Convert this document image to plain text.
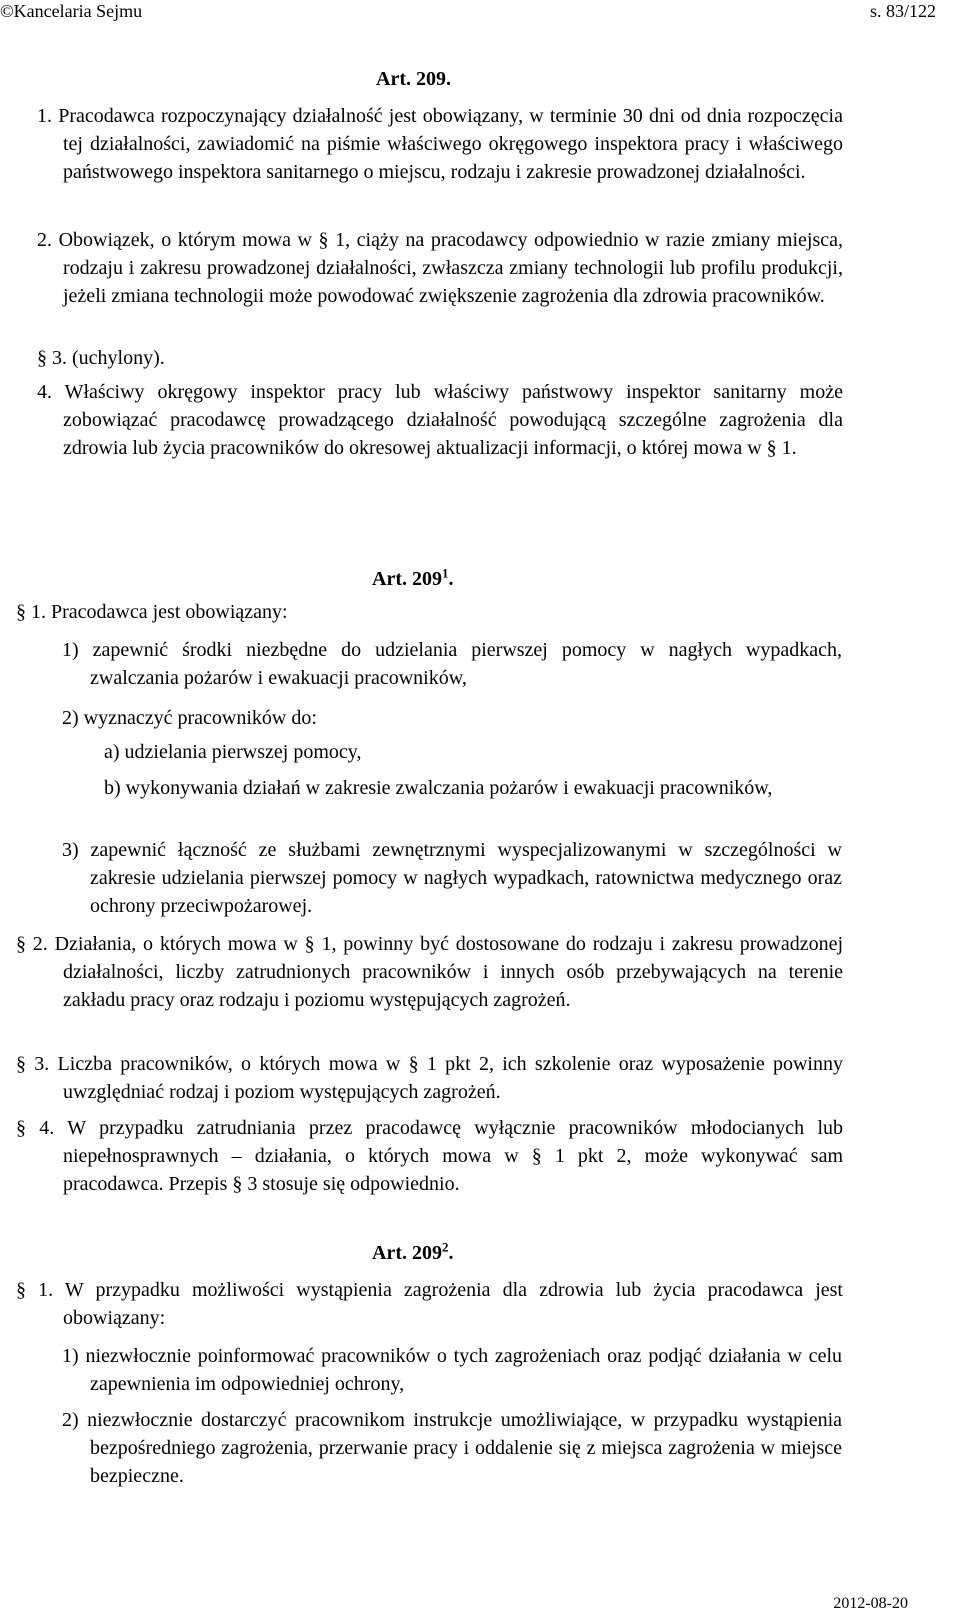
©Kancelaria Sejmu	s. 83/122
Art. 209.

1. Pracodawca rozpoczynający działalność jest obowiązany, w terminie 30 dni od dnia rozpoczęcia tej działalności, zawiadomić na piśmie właściwego okręgowego inspektora pracy i właściwego państwowego inspektora sanitarnego o miejscu, rodzaju i zakresie prowadzonej działalności.

2. Obowiązek, o którym mowa w § 1, ciąży na pracodawcy odpowiednio w razie zmiany miejsca, rodzaju i zakresu prowadzonej działalności, zwłaszcza zmiany technologii lub profilu produkcji, jeżeli zmiana technologii może powodować zwiększenie zagrożenia dla zdrowia pracowników.

§ 3. (uchylony).

4. Właściwy okręgowy inspektor pracy lub właściwy państwowy inspektor sanitarny może zobowiązać pracodawcę prowadzącego działalność powodującą szczególne zagrożenia dla zdrowia lub życia pracowników do okresowej aktualizacji informacji, o której mowa w § 1.

Art. $209^1$.

§ 1. Pracodawca jest obowiązany:

1) zapewnić środki niezbędne do udzielania pierwszej pomocy w nagłych wypadkach, zwalczania pożarów i ewakuacji pracowników,

2) wyznaczyć pracowników do:

a) udzielania pierwszej pomocy,

b) wykonywania działań w zakresie zwalczania pożarów i ewakuacji pracowników,

3) zapewnić łączność ze służbami zewnętrznymi wyspecjalizowanymi w szczególności w zakresie udzielania pierwszej pomocy w nagłych wypadkach, ratownictwa medycznego oraz ochrony przeciwpożarowej.

§ 2. Działania, o których mowa w § 1, powinny być dostosowane do rodzaju i zakresu prowadzonej działalności, liczby zatrudnionych pracowników i innych osób przebywających na terenie zakładu pracy oraz rodzaju i poziomu występujących zagrożeń.

§ 3. Liczba pracowników, o których mowa w § 1 pkt 2, ich szkolenie oraz wyposażenie powinny uwzględniać rodzaj i poziom występujących zagrożeń.

§ 4. W przypadku zatrudniania przez pracodawcę wyłącznie pracowników młodocianych lub niepełnosprawnych – działania, o których mowa w § 1 pkt 2, może wykonywać sam pracodawca. Przepis § 3 stosuje się odpowiednio.

Art. $209^2$.

§ 1. W przypadku możliwości wystąpienia zagrożenia dla zdrowia lub życia pracodawca jest obowiązany:

1) niezwłocznie poinformować pracowników o tych zagrożeniach oraz podjąć działania w celu zapewnienia im odpowiedniej ochrony,

2) niezwłocznie dostarczyć pracownikom instrukcje umożliwiające, w przypadku wystąpienia bezpośredniego zagrożenia, przerwanie pracy i oddalenie się z miejsca zagrożenia w miejsce bezpieczne.

2012-08-20
